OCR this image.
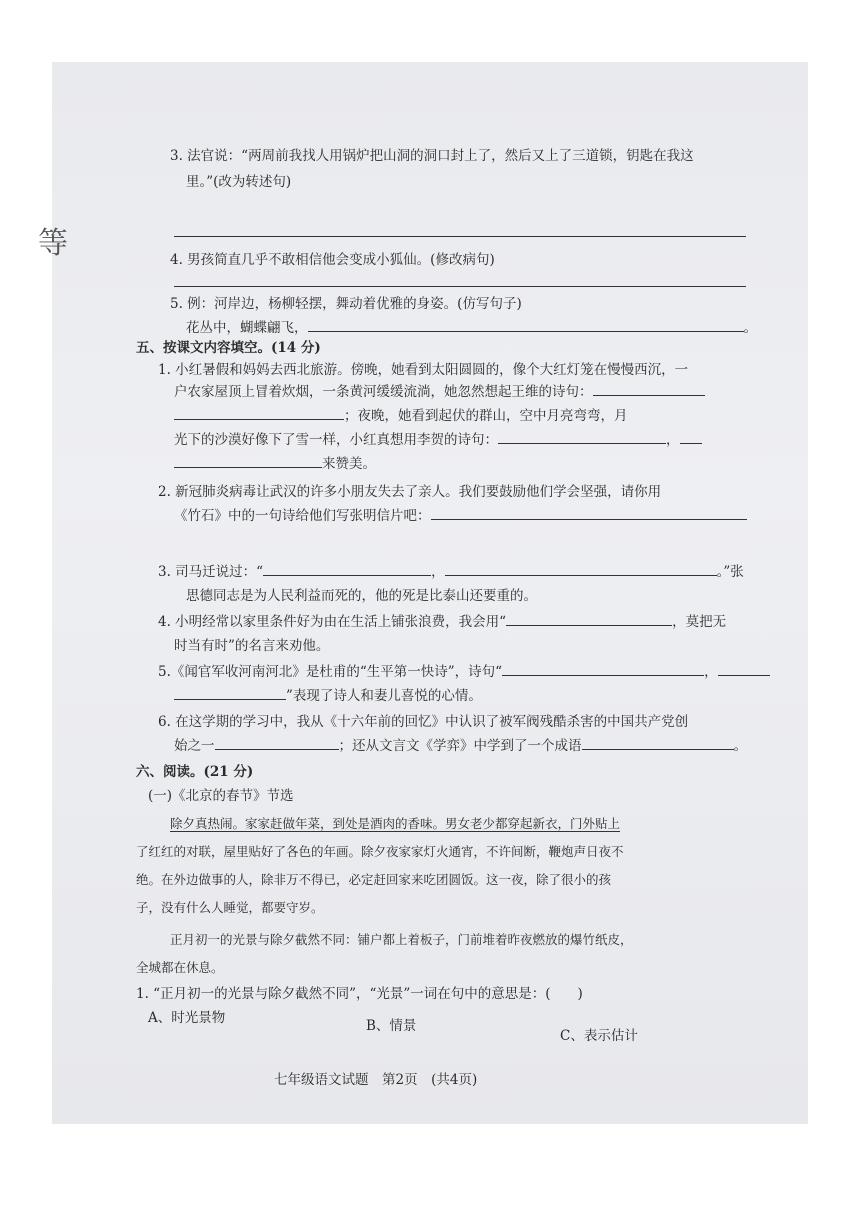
3. 法官说：“两周前我找人用锅炉把山洞的洞口封上了，然后又上了三道锁，钥匙在我这
里。”(改为转述句)
4. 男孩简直几乎不敢相信他会变成小狐仙。(修改病句)
5. 例：河岸边，杨柳轻摆，舞动着优雅的身姿。(仿写句子)
花丛中，蝴蝶翩飞，	。
五、按课文内容填空。(14 分)
1. 小红暑假和妈妈去西北旅游。傍晚，她看到太阳圆圆的，像个大红灯笼在慢慢西沉，一
户农家屋顶上冒着炊烟，一条黄河缓缓流淌，她忽然想起王维的诗句：
；夜晚，她看到起伏的群山，空中月亮弯弯，月
光下的沙漠好像下了雪一样，小红真想用李贺的诗句：	，
来赞美。
2. 新冠肺炎病毒让武汉的许多小朋友失去了亲人。我们要鼓励他们学会坚强，请你用
《竹石》中的一句诗给他们写张明信片吧：
3. 司马迁说过：“	，	。”张
思德同志是为人民利益而死的，他的死是比泰山还要重的。
4. 小明经常以家里条件好为由在生活上铺张浪费，我会用“	，莫把无
时当有时”的名言来劝他。
5.《闻官军收河南河北》是杜甫的“生平第一快诗”，诗句“	，
”表现了诗人和妻儿喜悦的心情。
6. 在这学期的学习中，我从《十六年前的回忆》中认识了被军阀残酷杀害的中国共产党创
始之一	；还从文言文《学弈》中学到了一个成语	。
六、阅读。(21 分)
(一)《北京的春节》节选
除夕真热闹。家家赶做年菜，到处是酒肉的香味。男女老少都穿起新衣，门外贴上
了红红的对联，屋里贴好了各色的年画。除夕夜家家灯火通宵，不许间断，鞭炮声日夜不
绝。在外边做事的人，除非万不得已，必定赶回家来吃团圆饭。这一夜，除了很小的孩
子，没有什么人睡觉，都要守岁。
正月初一的光景与除夕截然不同：铺户都上着板子，门前堆着昨夜燃放的爆竹纸皮，
全城都在休息。
1. “正月初一的光景与除夕截然不同”，“光景”一词在句中的意思是：(　　)
A、时光景物	B、情景
C、表示估计
等
七年级语文试题　第2页　(共4页)
